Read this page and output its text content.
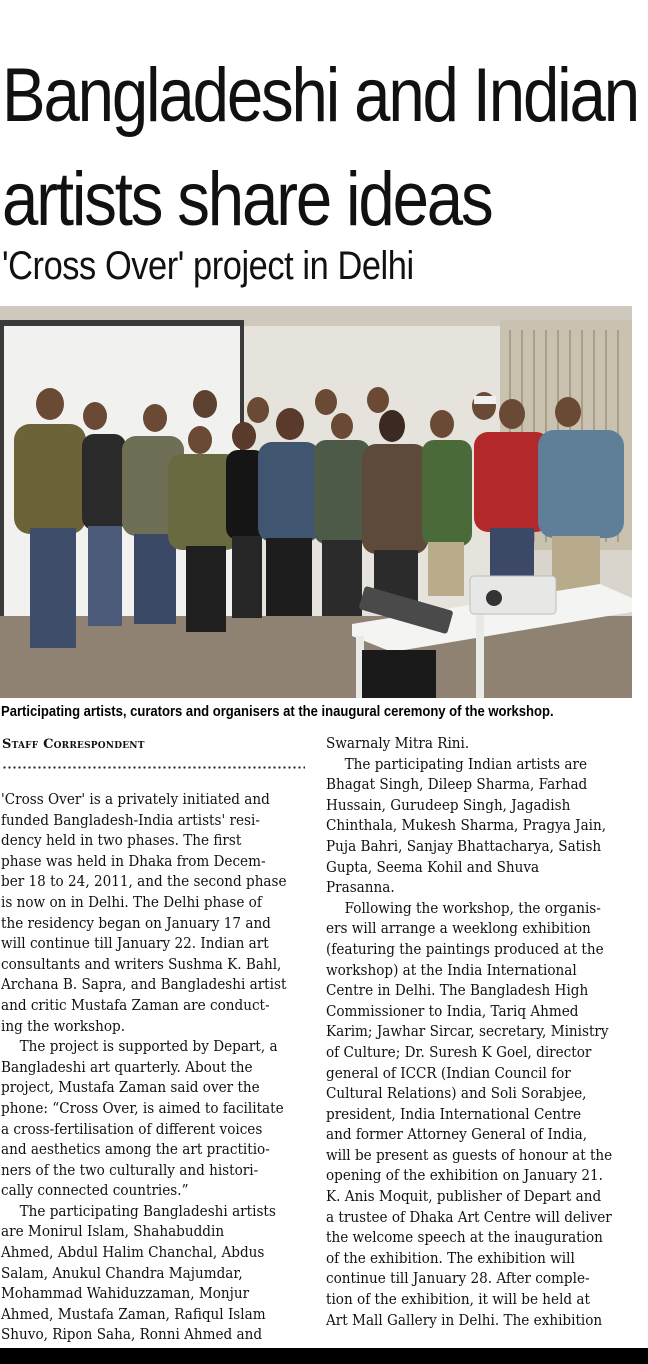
Bangladeshi and Indian
artists share ideas
'Cross Over' project in Delhi

Participating artists, curators and organisers at the inaugural ceremony of the workshop.

Staff Correspondent

'Cross Over' is a privately initiated and
funded Bangladesh-India artists' resi-
dency held in two phases. The first
phase was held in Dhaka from Decem-
ber 18 to 24, 2011, and the second phase
is now on in Delhi. The Delhi phase of
the residency began on January 17 and
will continue till January 22. Indian art
consultants and writers Sushma K. Bahl,
Archana B. Sapra, and Bangladeshi artist
and critic Mustafa Zaman are conduct-
ing the workshop.

The project is supported by Depart, a
Bangladeshi art quarterly. About the
project, Mustafa Zaman said over the
phone: “Cross Over, is aimed to facilitate
a cross-fertilisation of different voices
and aesthetics among the art practitio-
ners of the two culturally and histori-
cally connected countries.”

The participating Bangladeshi artists
are Monirul Islam, Shahabuddin
Ahmed, Abdul Halim Chanchal, Abdus
Salam, Anukul Chandra Majumdar,
Mohammad Wahiduzzaman, Monjur
Ahmed, Mustafa Zaman, Rafiqul Islam
Shuvo, Ripon Saha, Ronni Ahmed and

Swarnaly Mitra Rini.

The participating Indian artists are
Bhagat Singh, Dileep Sharma, Farhad
Hussain, Gurudeep Singh, Jagadish
Chinthala, Mukesh Sharma, Pragya Jain,
Puja Bahri, Sanjay Bhattacharya, Satish
Gupta, Seema Kohil and Shuva
Prasanna.

Following the workshop, the organis-
ers will arrange a weeklong exhibition
(featuring the paintings produced at the
workshop) at the India International
Centre in Delhi. The Bangladesh High
Commissioner to India, Tariq Ahmed
Karim; Jawhar Sircar, secretary, Ministry
of Culture; Dr. Suresh K Goel, director
general of ICCR (Indian Council for
Cultural Relations) and Soli Sorabjee,
president, India International Centre
and former Attorney General of India,
will be present as guests of honour at the
opening of the exhibition on January 21.
K. Anis Moquit, publisher of Depart and
a trustee of Dhaka Art Centre will deliver
the welcome speech at the inauguration
of the exhibition. The exhibition will
continue till January 28. After comple-
tion of the exhibition, it will be held at
Art Mall Gallery in Delhi. The exhibition
